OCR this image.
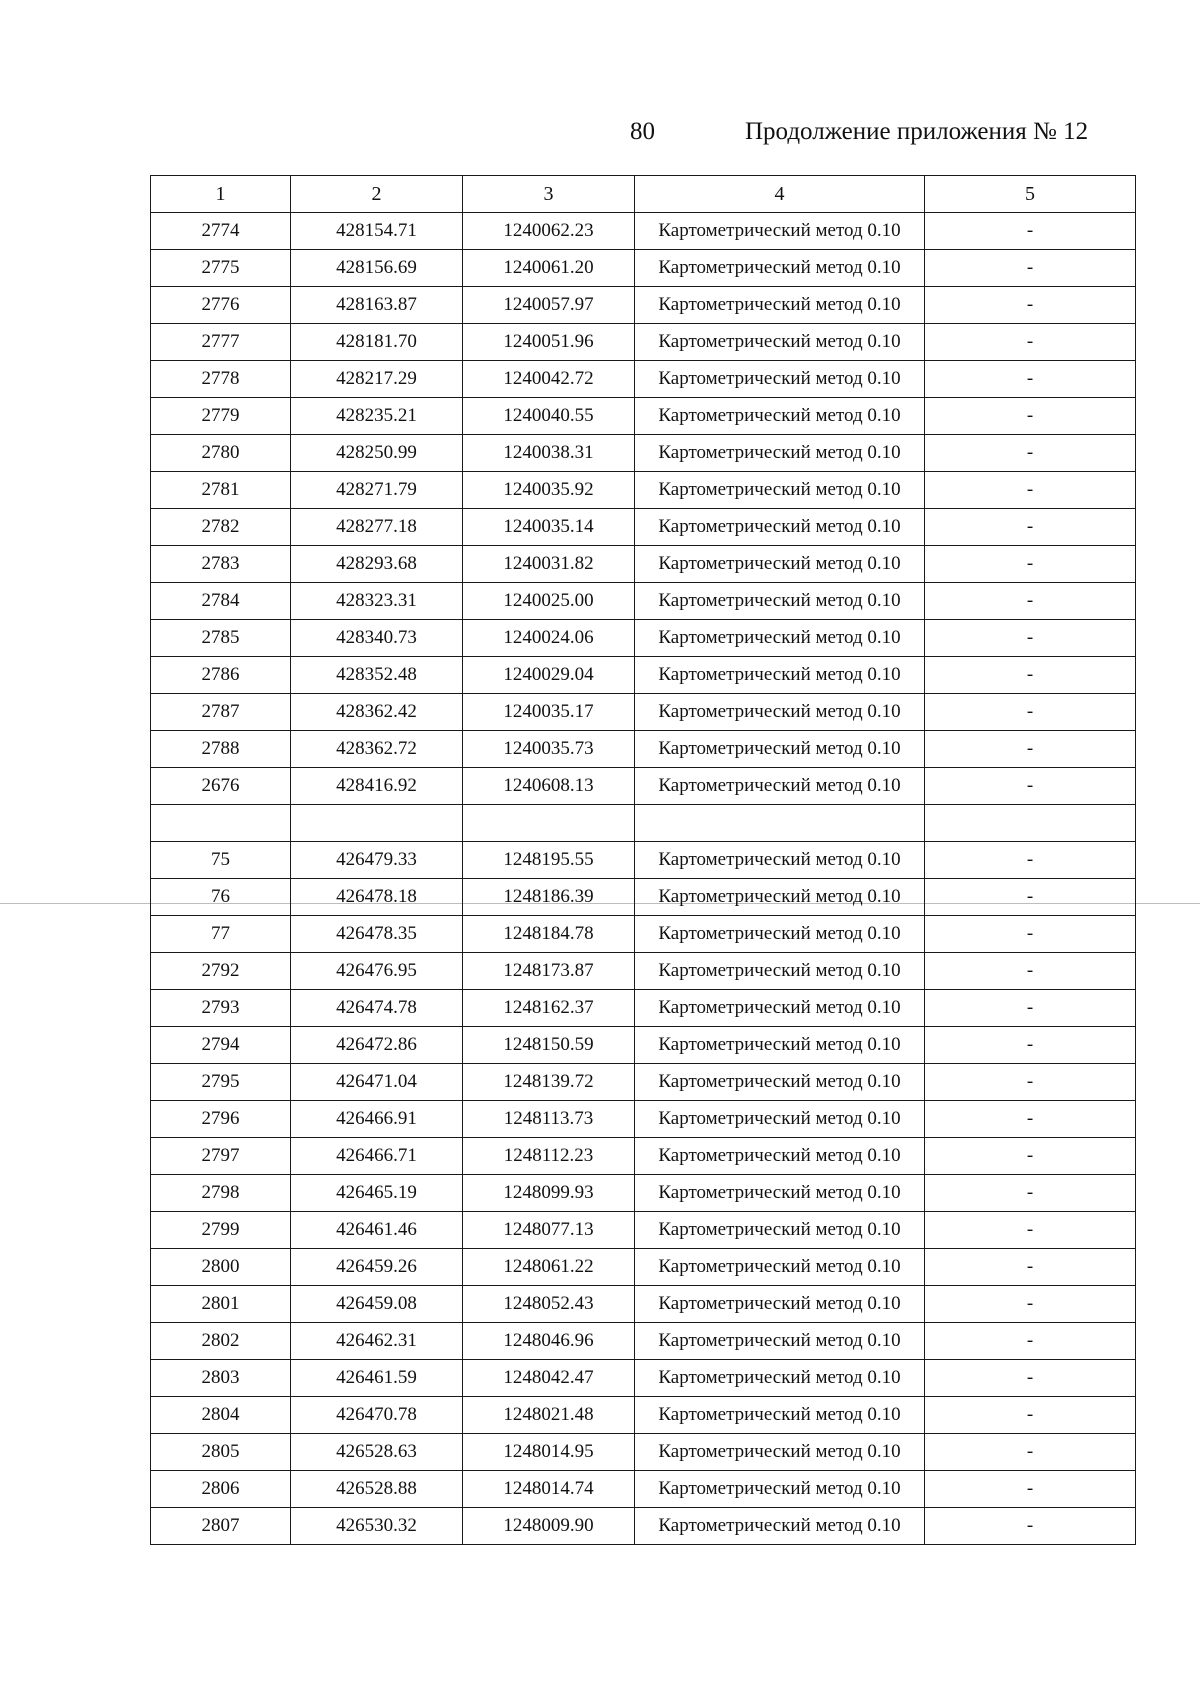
80	Продолжение приложения № 12
1	2	3	4	5
2774	428154.71	1240062.23	Картометрический метод 0.10	-
2775	428156.69	1240061.20	Картометрический метод 0.10	-
2776	428163.87	1240057.97	Картометрический метод 0.10	-
2777	428181.70	1240051.96	Картометрический метод 0.10	-
2778	428217.29	1240042.72	Картометрический метод 0.10	-
2779	428235.21	1240040.55	Картометрический метод 0.10	-
2780	428250.99	1240038.31	Картометрический метод 0.10	-
2781	428271.79	1240035.92	Картометрический метод 0.10	-
2782	428277.18	1240035.14	Картометрический метод 0.10	-
2783	428293.68	1240031.82	Картометрический метод 0.10	-
2784	428323.31	1240025.00	Картометрический метод 0.10	-
2785	428340.73	1240024.06	Картометрический метод 0.10	-
2786	428352.48	1240029.04	Картометрический метод 0.10	-
2787	428362.42	1240035.17	Картометрический метод 0.10	-
2788	428362.72	1240035.73	Картометрический метод 0.10	-
2676	428416.92	1240608.13	Картометрический метод 0.10	-

75	426479.33	1248195.55	Картометрический метод 0.10	-
76	426478.18	1248186.39	Картометрический метод 0.10	-
77	426478.35	1248184.78	Картометрический метод 0.10	-
2792	426476.95	1248173.87	Картометрический метод 0.10	-
2793	426474.78	1248162.37	Картометрический метод 0.10	-
2794	426472.86	1248150.59	Картометрический метод 0.10	-
2795	426471.04	1248139.72	Картометрический метод 0.10	-
2796	426466.91	1248113.73	Картометрический метод 0.10	-
2797	426466.71	1248112.23	Картометрический метод 0.10	-
2798	426465.19	1248099.93	Картометрический метод 0.10	-
2799	426461.46	1248077.13	Картометрический метод 0.10	-
2800	426459.26	1248061.22	Картометрический метод 0.10	-
2801	426459.08	1248052.43	Картометрический метод 0.10	-
2802	426462.31	1248046.96	Картометрический метод 0.10	-
2803	426461.59	1248042.47	Картометрический метод 0.10	-
2804	426470.78	1248021.48	Картометрический метод 0.10	-
2805	426528.63	1248014.95	Картометрический метод 0.10	-
2806	426528.88	1248014.74	Картометрический метод 0.10	-
2807	426530.32	1248009.90	Картометрический метод 0.10	-
